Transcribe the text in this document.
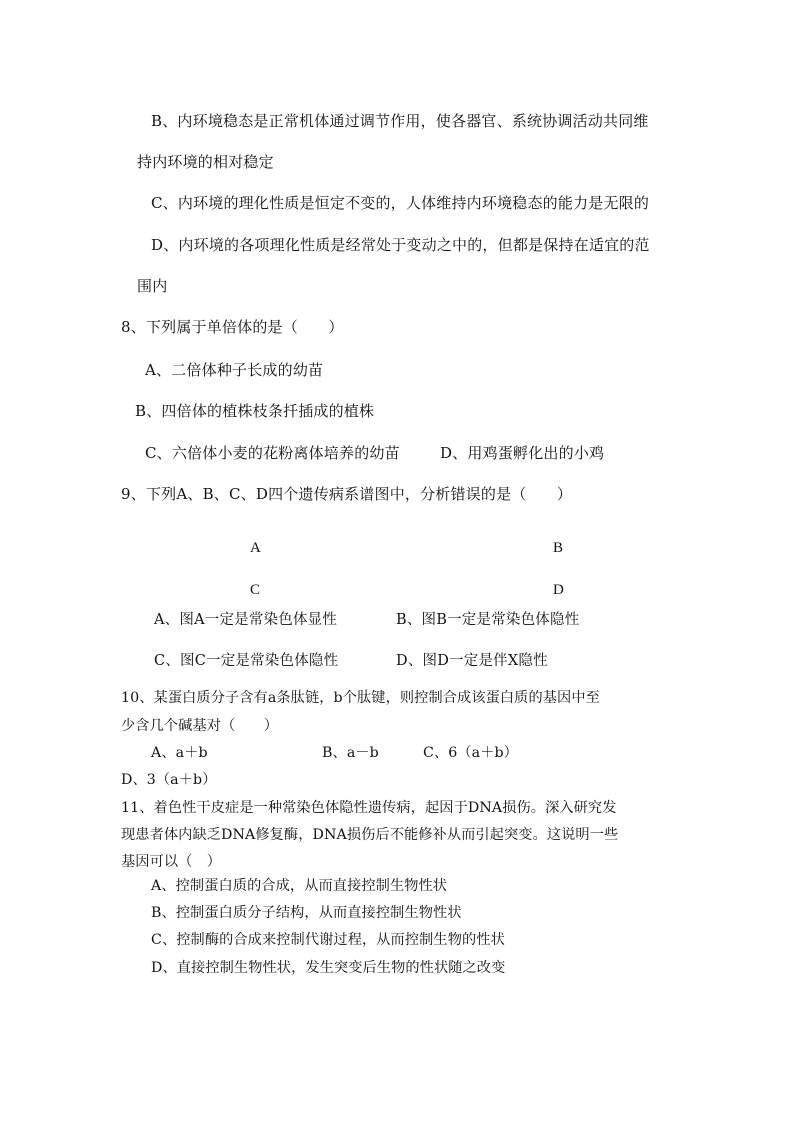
B、内环境稳态是正常机体通过调节作用，使各器官、系统协调活动共同维
持内环境的相对稳定
C、内环境的理化性质是恒定不变的，人体维持内环境稳态的能力是无限的
D、内环境的各项理化性质是经常处于变动之中的，但都是保持在适宜的范
围内
8、下列属于单倍体的是（　　）
A、二倍体种子长成的幼苗
B、四倍体的植株枝条扦插成的植株
C、六倍体小麦的花粉离体培养的幼苗	D、用鸡蛋孵化出的小鸡
9、下列A、B、C、D四个遗传病系谱图中，分析错误的是（　　）
A	B
C	D
A、图A一定是常染色体显性	B、图B一定是常染色体隐性
C、图C一定是常染色体隐性	D、图D一定是伴X隐性
10、某蛋白质分子含有a条肽链，b个肽键，则控制合成该蛋白质的基因中至
少含几个碱基对（　　）
A、a＋b	B、a－b	C、6（a＋b）
D、3（a＋b）
11、着色性干皮症是一种常染色体隐性遗传病，起因于DNA损伤。深入研究发
现患者体内缺乏DNA修复酶，DNA损伤后不能修补从而引起突变。这说明一些
基因可以（　）
A、控制蛋白质的合成，从而直接控制生物性状
B、控制蛋白质分子结构，从而直接控制生物性状
C、控制酶的合成来控制代谢过程，从而控制生物的性状
D、直接控制生物性状，发生突变后生物的性状随之改变
